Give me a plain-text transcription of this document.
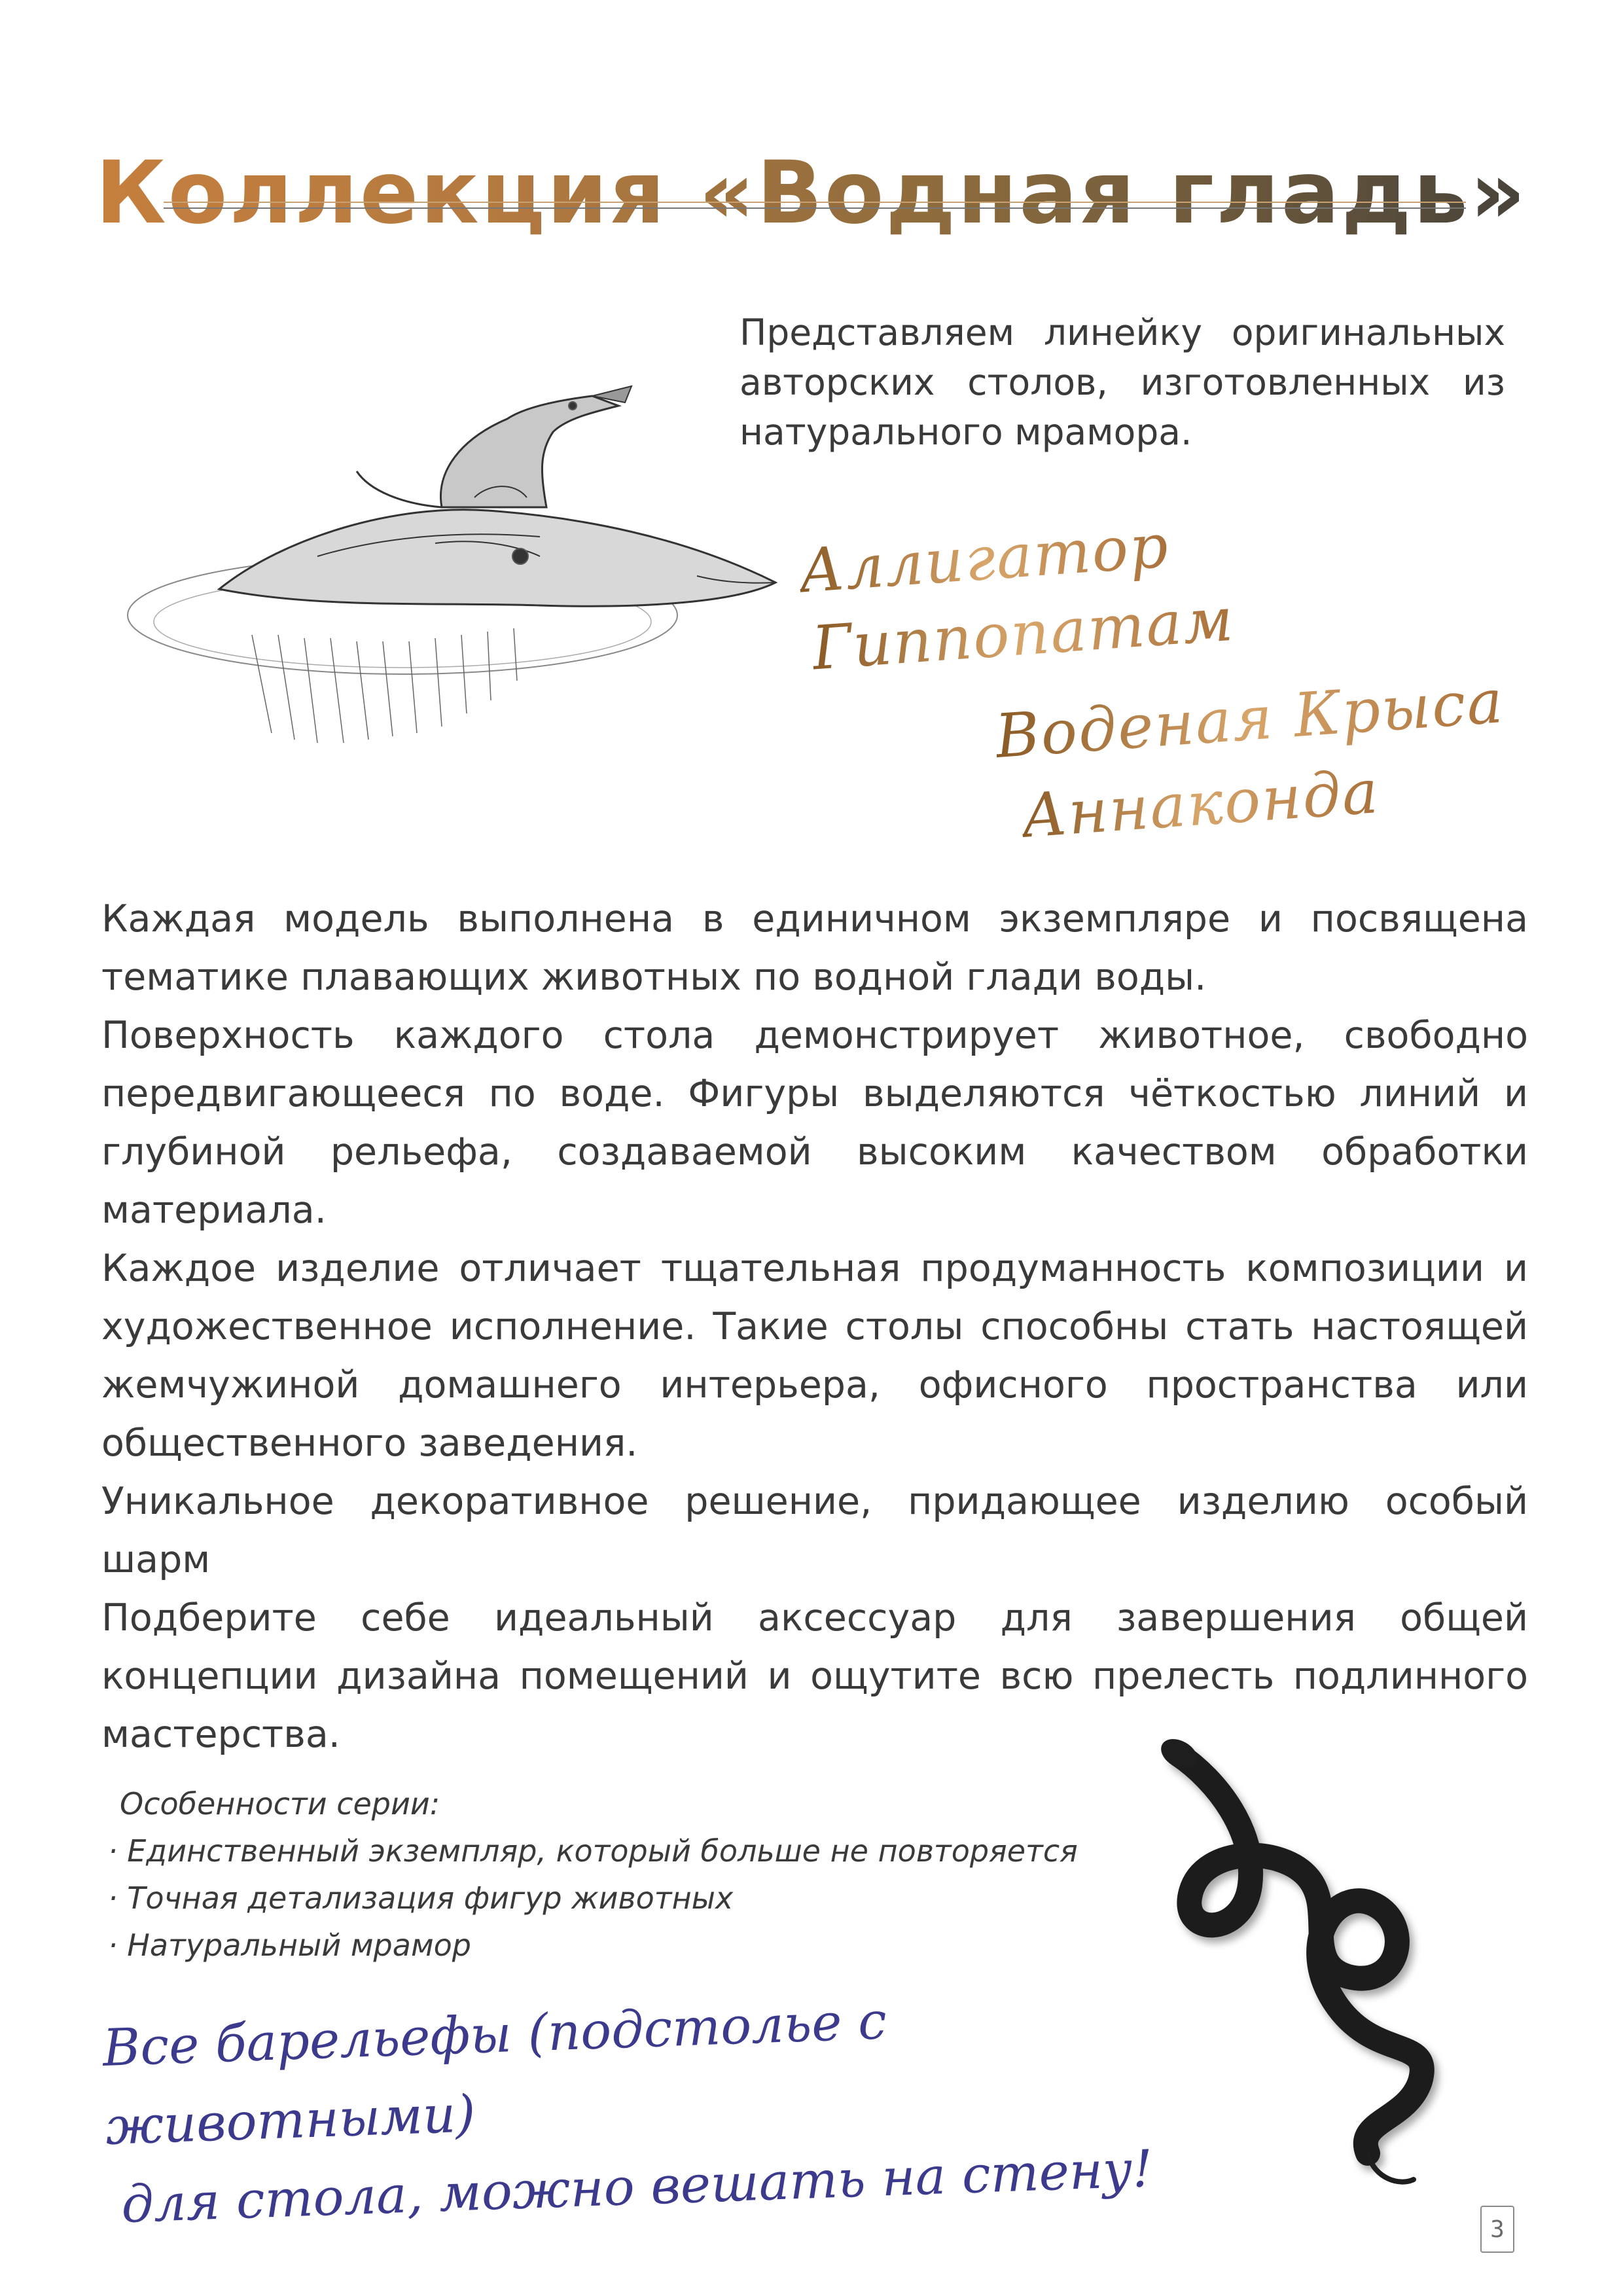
Коллекция «Водная гладь»
Представляем линейку оригинальных авторских столов, изготовленных из натурального мрамора.
Аллигатор
Гиппопатам
Воденая Крыса
Аннаконда

Каждая модель выполнена в единичном экземпляре и посвящена тематике плавающих животных по водной глади воды.

Поверхность каждого стола демонстрирует животное, свободно передвигающееся по воде. Фигуры выделяются чёткостью линий и глубиной рельефа, создаваемой высоким качеством обработки материала.

Каждое изделие отличает тщательная продуманность композиции и художественное исполнение. Такие столы способны стать настоящей жемчужиной домашнего интерьера, офисного пространства или общественного заведения.

Уникальное декоративное решение, придающее изделию особый шарм

Подберите себе идеальный аксессуар для завершения общей концепции дизайна помещений и ощутите всю прелесть подлинного мастерства.

Особенности серии:
· Единственный экземпляр, который больше не повторяется
· Точная детализация фигур животных
· Натуральный мрамор
Все барельефы (подстолье с животными)
для стола, можно вешать на стену!	3
